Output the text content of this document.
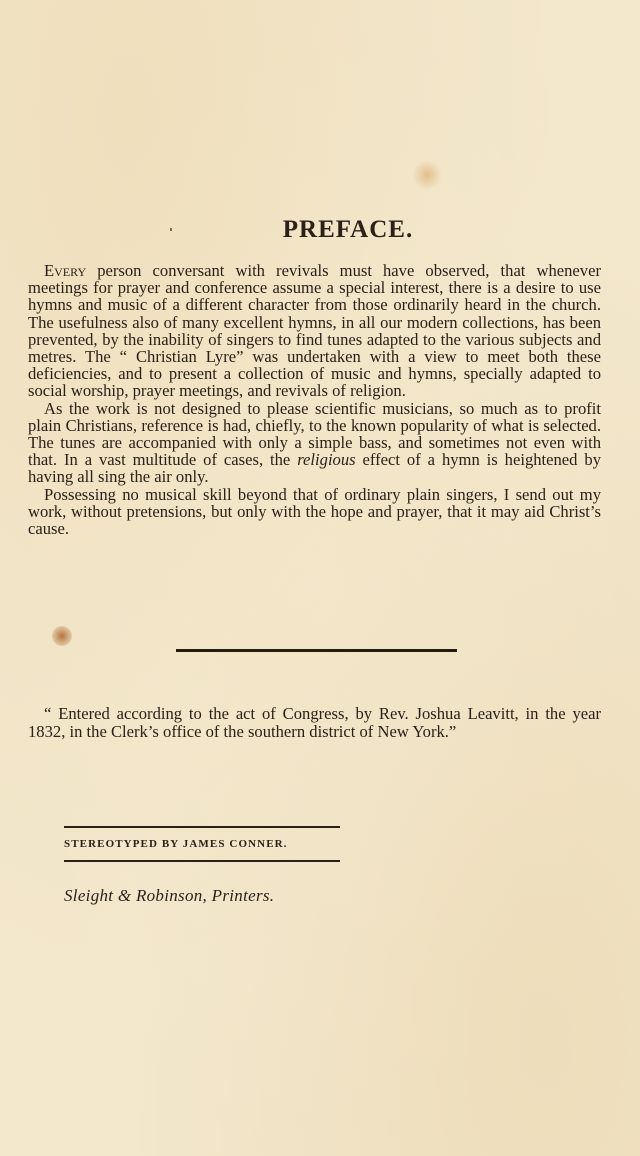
PREFACE.

Every person conversant with revivals must have observed, that whenever meetings for prayer and conference assume a special interest, there is a desire to use hymns and music of a different character from those ordinarily heard in the church. The usefulness also of many excellent hymns, in all our modern collections, has been prevented, by the inability of singers to find tunes adapted to the various subjects and metres. The “ Christian Lyre” was undertaken with a view to meet both these deficiencies, and to present a collection of music and hymns, specially adapted to social worship, prayer meetings, and revivals of religion.

As the work is not designed to please scientific musicians, so much as to profit plain Christians, reference is had, chiefly, to the known popularity of what is selected. The tunes are accompanied with only a simple bass, and sometimes not even with that. In a vast multitude of cases, the religious effect of a hymn is heightened by having all sing the air only.

Possessing no musical skill beyond that of ordinary plain singers, I send out my work, without pretensions, but only with the hope and prayer, that it may aid Christ’s cause.

“ Entered according to the act of Congress, by Rev. Joshua Leavitt, in the year 1832, in the Clerk’s office of the southern district of New York.”

STEREOTYPED BY JAMES CONNER.

Sleight & Robinson, Printers.
